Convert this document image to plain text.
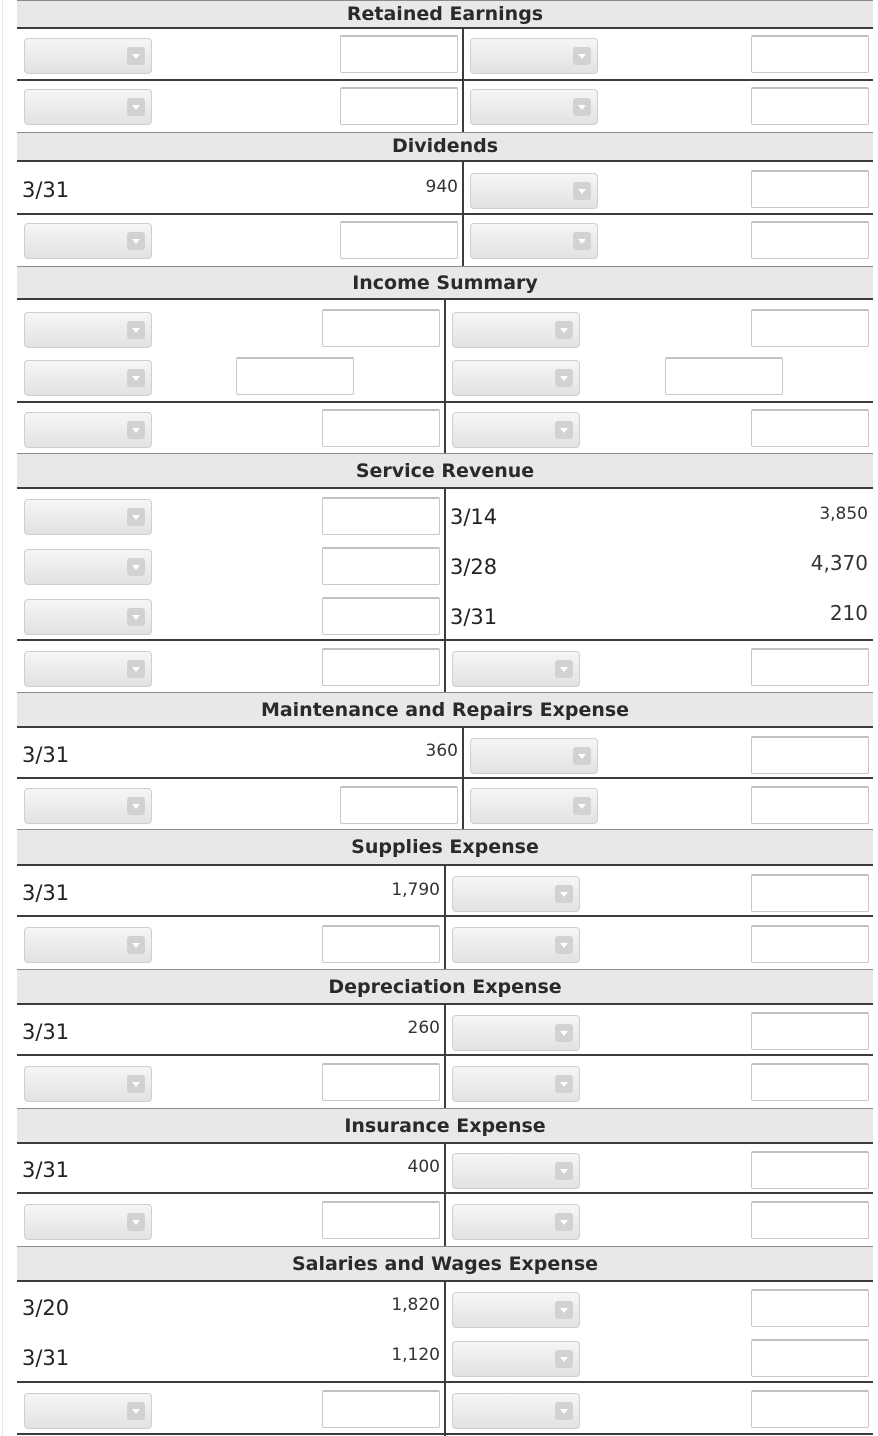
Retained Earnings
Dividends
3/31	940
Income Summary
Service Revenue
3/14	3,850
3/28	4,370
3/31	210
Maintenance and Repairs Expense
3/31	360
Supplies Expense
3/31	1,790
Depreciation Expense
3/31	260
Insurance Expense
3/31	400
Salaries and Wages Expense
3/20	1,820
3/31	1,120
